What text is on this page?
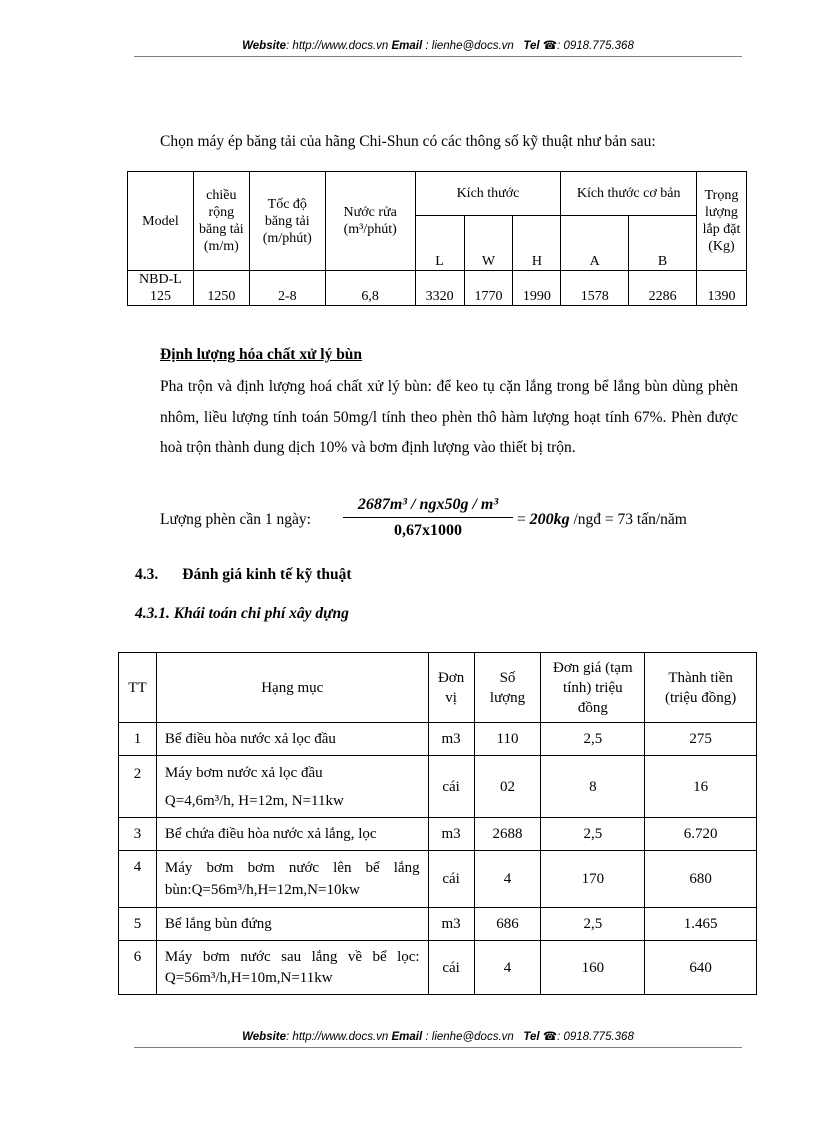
Website: http://www.docs.vn Email : lienhe@docs.vn Tel ☎: 0918.775.368
Chọn máy ép băng tải của hãng Chi-Shun có các thông số kỹ thuật như bản sau:
Model	chiều rộng băng tải (m/m)	Tốc độ băng tải (m/phút)	Nước rửa (m³/phút)	Kích thước			Kích thước cơ bản		Trọng lượng lắp đặt (Kg)
				L	W	H	A	B	
NBD-L 125	1250	2-8	6,8	3320	1770	1990	1578	2286	1390
Định lượng hóa chất xử lý bùn
Pha trộn và định lượng hoá chất xử lý bùn: để keo tụ cặn lắng trong bể lắng bùn dùng phèn nhôm, liều lượng tính toán 50mg/l tính theo phèn thô hàm lượng hoạt tính 67%. Phèn được hoà trộn thành dung dịch 10% và bơm định lượng vào thiết bị trộn.
Lượng phèn cần 1 ngày:
2687m³ / ngx50g / m³
0,67x1000
= 200kg /ngđ = 73 tấn/năm
4.3. Đánh giá kinh tế kỹ thuật
4.3.1. Khái toán chi phí xây dựng
TT	Hạng mục	Đơn vị	Số lượng	Đơn giá (tạm tính) triệu đồng	Thành tiền (triệu đồng)
1	Bể điều hòa nước xả lọc đầu	m3	110	2,5	275
2	Máy bơm nước xả lọc đầu
Q=4,6m³/h, H=12m, N=11kw	cái	02	8	16
3	Bể chứa điều hòa nước xả lắng, lọc	m3	2688	2,5	6.720
4	Máy bơm bơm nước lên bể lắng
bùn:Q=56m³/h,H=12m,N=10kw	cái	4	170	680
5	Bể lắng bùn đứng	m3	686	2,5	1.465
6	Máy bơm nước sau lắng về bể lọc:
Q=56m³/h,H=10m,N=11kw	cái	4	160	640
Website: http://www.docs.vn Email : lienhe@docs.vn Tel ☎: 0918.775.368
